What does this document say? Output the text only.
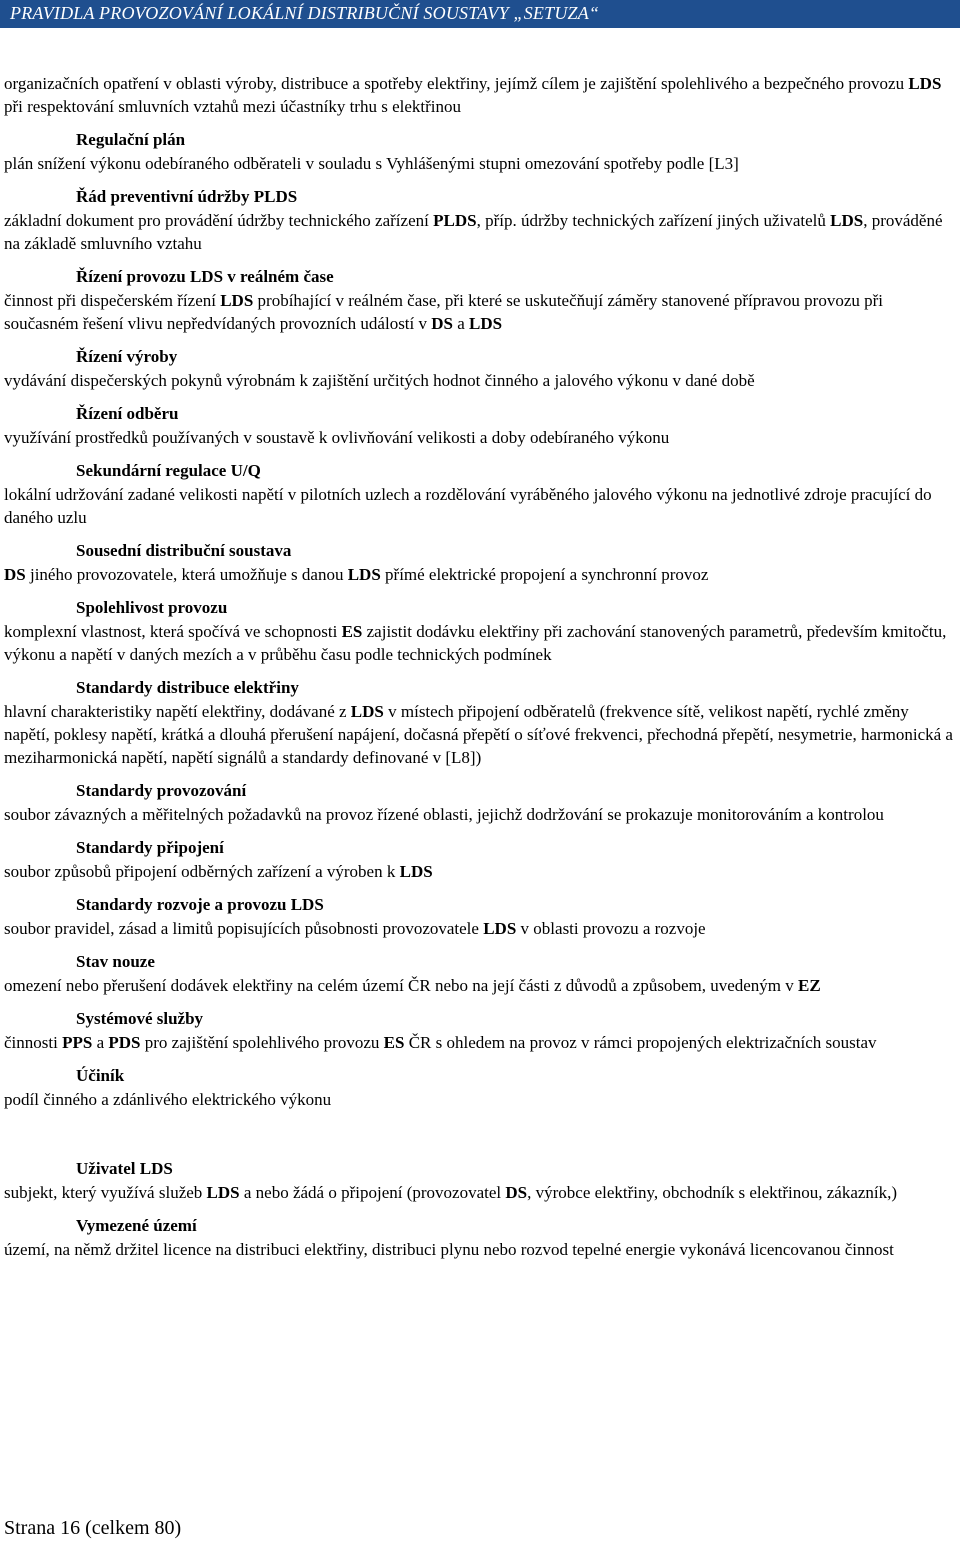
PRAVIDLA PROVOZOVÁNÍ LOKÁLNÍ DISTRIBUČNÍ SOUSTAVY „SETUZA“

organizačních opatření v oblasti výroby, distribuce a spotřeby elektřiny, jejímž cílem je zajištění spolehlivého a bezpečného provozu LDS při respektování smluvních vztahů mezi účastníky trhu s elektřinou

Regulační plán
plán snížení výkonu odebíraného odběrateli v souladu s Vyhlášenými stupni omezování spotřeby podle [L3]
Řád preventivní údržby PLDS
základní dokument pro provádění údržby technického zařízení PLDS, příp. údržby technických zařízení jiných uživatelů LDS, prováděné na základě smluvního vztahu
Řízení provozu LDS v reálném čase
činnost při dispečerském řízení LDS probíhající v reálném čase, při které se uskutečňují záměry stanovené přípravou provozu při současném řešení vlivu nepředvídaných provozních událostí v DS a LDS
Řízení výroby
vydávání dispečerských pokynů výrobnám k zajištění určitých hodnot činného a jalového výkonu v dané době
Řízení odběru
využívání prostředků používaných v soustavě k ovlivňování velikosti a doby odebíraného výkonu
Sekundární regulace U/Q
lokální udržování zadané velikosti napětí v pilotních uzlech a rozdělování vyráběného jalového výkonu na jednotlivé zdroje pracující do daného uzlu
Sousední distribuční soustava
DS jiného provozovatele, která umožňuje s danou LDS přímé elektrické propojení a synchronní provoz
Spolehlivost provozu
komplexní vlastnost, která spočívá ve schopnosti ES zajistit dodávku elektřiny při zachování stanovených parametrů, především kmitočtu, výkonu a napětí v daných mezích a v průběhu času podle technických podmínek
Standardy distribuce elektřiny
hlavní charakteristiky napětí elektřiny, dodávané z LDS v místech připojení odběratelů (frekvence sítě, velikost napětí, rychlé změny napětí, poklesy napětí, krátká a dlouhá přerušení napájení, dočasná přepětí o síťové frekvenci, přechodná přepětí, nesymetrie, harmonická a meziharmonická napětí, napětí signálů a standardy definované v [L8])
Standardy provozování
soubor závazných a měřitelných požadavků na provoz řízené oblasti, jejichž dodržování se prokazuje monitorováním a kontrolou
Standardy připojení
soubor způsobů připojení odběrných zařízení a výroben k LDS
Standardy rozvoje a provozu LDS
soubor pravidel, zásad a limitů popisujících působnosti provozovatele LDS v oblasti provozu a rozvoje
Stav nouze
omezení nebo přerušení dodávek elektřiny na celém území ČR nebo na její části z důvodů a způsobem, uvedeným v EZ
Systémové služby
činnosti PPS a PDS pro zajištění spolehlivého provozu ES ČR s ohledem na provoz v rámci propojených elektrizačních soustav
Účiník
podíl činného a zdánlivého elektrického výkonu
Uživatel LDS
subjekt, který využívá služeb LDS a nebo žádá o připojení (provozovatel DS, výrobce elektřiny, obchodník s elektřinou, zákazník,)
Vymezené území
území, na němž držitel licence na distribuci elektřiny, distribuci plynu nebo rozvod tepelné energie vykonává licencovanou činnost
Strana 16 (celkem 80)
